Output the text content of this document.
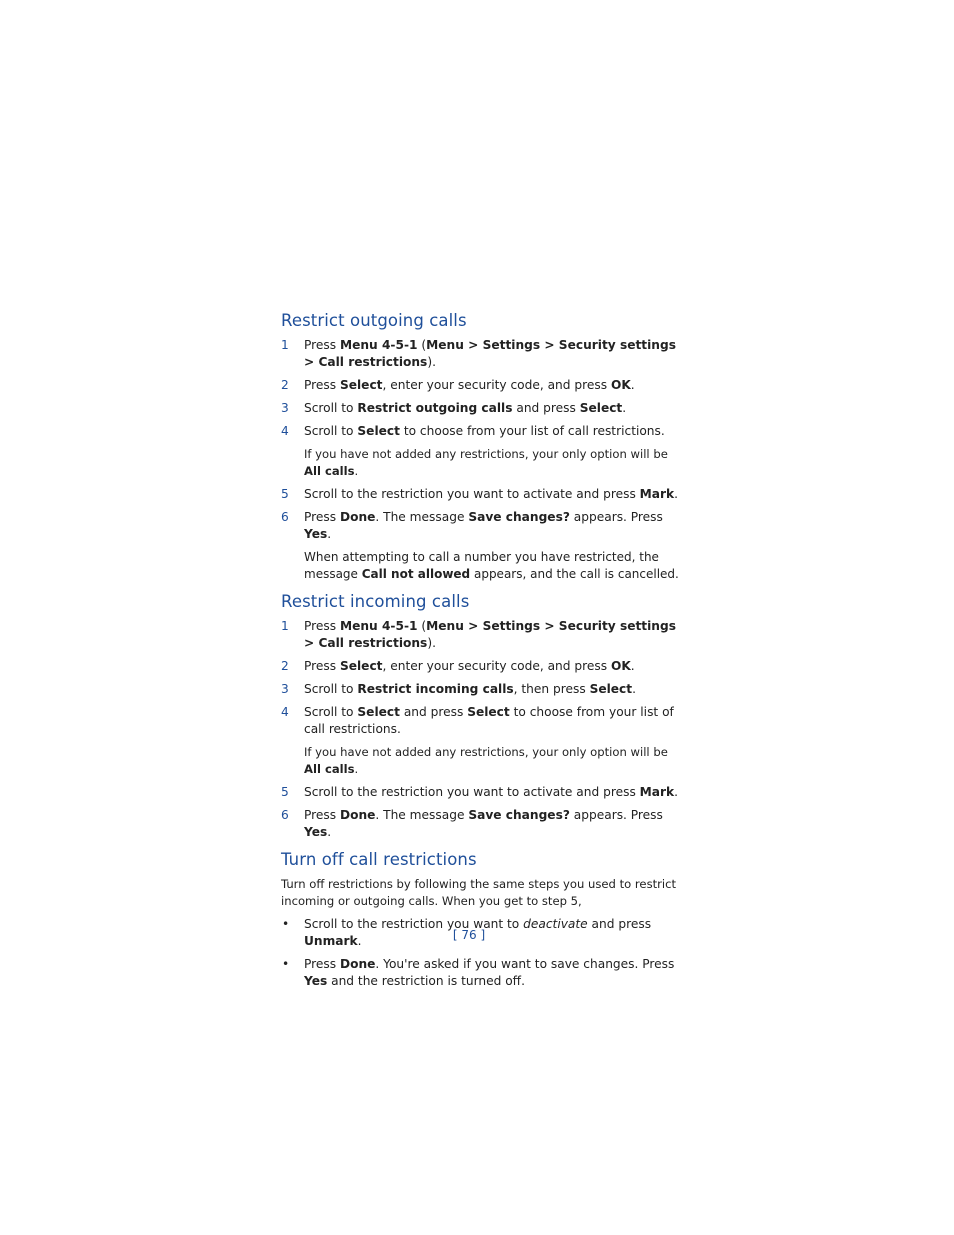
Restrict outgoing calls
1 Press Menu 4-5-1 (Menu > Settings > Security settings > Call restrictions).
2 Press Select, enter your security code, and press OK.
3 Scroll to Restrict outgoing calls and press Select.
4 Scroll to Select to choose from your list of call restrictions.

If you have not added any restrictions, your only option will be All calls.

5 Scroll to the restriction you want to activate and press Mark.
6 Press Done. The message Save changes? appears. Press Yes.

When attempting to call a number you have restricted, the message Call not allowed appears, and the call is cancelled.

Restrict incoming calls
1 Press Menu 4-5-1 (Menu > Settings > Security settings > Call restrictions).
2 Press Select, enter your security code, and press OK.
3 Scroll to Restrict incoming calls, then press Select.
4 Scroll to Select and press Select to choose from your list of call restrictions.

If you have not added any restrictions, your only option will be All calls.

5 Scroll to the restriction you want to activate and press Mark.
6 Press Done. The message Save changes? appears. Press Yes.
Turn off call restrictions

Turn off restrictions by following the same steps you used to restrict incoming or outgoing calls. When you get to step 5,

• Scroll to the restriction you want to deactivate and press Unmark.
• Press Done. You're asked if you want to save changes. Press Yes and the restriction is turned off.
[ 76 ]
